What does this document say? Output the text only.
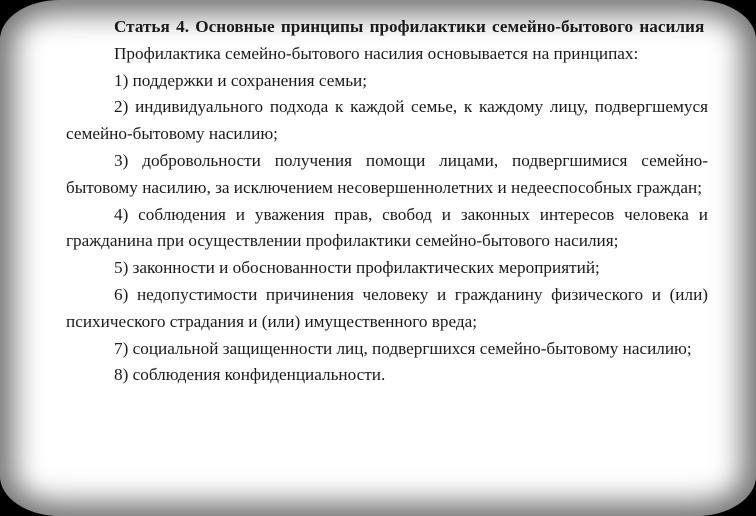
Статья 4. Основные принципы профилактики семейно-бытового насилия

Профилактика семейно-бытового насилия основывается на принципах:

1) поддержки и сохранения семьи;

2) индивидуального подхода к каждой семье, к каждому лицу, подвергшемуся семейно-бытовому насилию;

3) добровольности получения помощи лицами, подвергшимися семейно-бытовому насилию, за исключением несовершеннолетних и недееспособных граждан;

4) соблюдения и уважения прав, свобод и законных интересов человека и гражданина при осуществлении профилактики семейно-бытового насилия;

5) законности и обоснованности профилактических мероприятий;

6) недопустимости причинения человеку и гражданину физического и (или) психического страдания и (или) имущественного вреда;

7) социальной защищенности лиц, подвергшихся семейно-бытовому насилию;

8) соблюдения конфиденциальности.
